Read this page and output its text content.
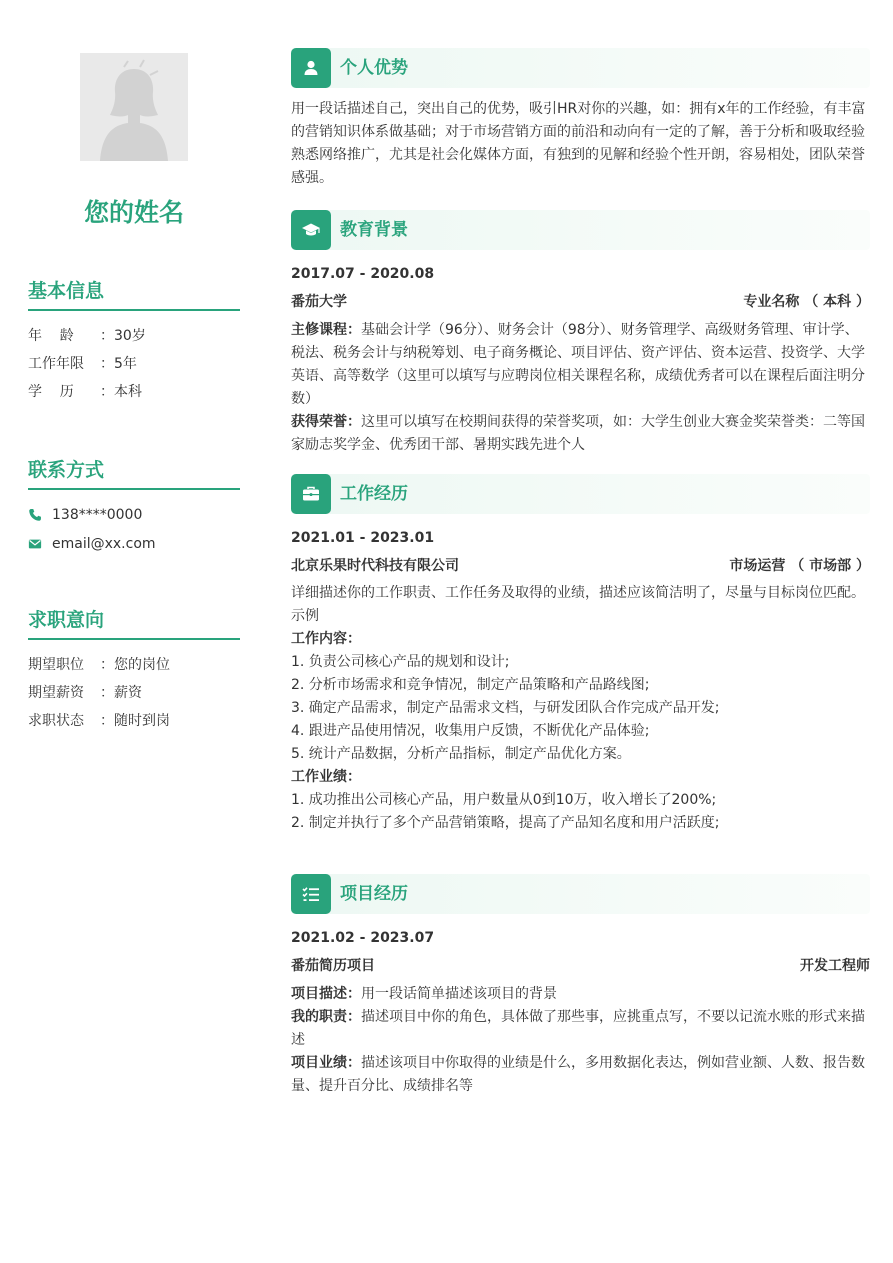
您的姓名
基本信息
年    龄	： 30岁
工作年限	： 5年
学    历	： 本科
联系方式
138****0000
email@xx.com
求职意向
期望职位	： 您的岗位
期望薪资	： 薪资
求职状态	： 随时到岗
个人优势
用一段话描述自己，突出自己的优势，吸引HR对你的兴趣，如：拥有x年的工作经验，有丰富的营销知识体系做基础；对于市场营销方面的前沿和动向有一定的了解，善于分析和吸取经验熟悉网络推广，尤其是社会化媒体方面，有独到的见解和经验个性开朗，容易相处，团队荣誉感强。
教育背景
2017.07 - 2020.08
番茄大学	专业名称 （ 本科 ）
主修课程：基础会计学（96分）、财务会计（98分）、财务管理学、高级财务管理、审计学、税法、税务会计与纳税筹划、电子商务概论、项目评估、资产评估、资本运营、投资学、大学英语、高等数学（这里可以填写与应聘岗位相关课程名称，成绩优秀者可以在课程后面注明分数）
获得荣誉：这里可以填写在校期间获得的荣誉奖项，如：大学生创业大赛金奖荣誉类：二等国家励志奖学金、优秀团干部、暑期实践先进个人
工作经历
2021.01 - 2023.01
北京乐果时代科技有限公司	市场运营 （ 市场部 ）
详细描述你的工作职责、工作任务及取得的业绩，描述应该简洁明了，尽量与目标岗位匹配。
示例
工作内容：
1. 负责公司核心产品的规划和设计;
2. 分析市场需求和竞争情况，制定产品策略和产品路线图;
3. 确定产品需求，制定产品需求文档，与研发团队合作完成产品开发;
4. 跟进产品使用情况，收集用户反馈，不断优化产品体验;
5. 统计产品数据，分析产品指标，制定产品优化方案。
工作业绩：
1. 成功推出公司核心产品，用户数量从0到10万，收入增长了200%;
2. 制定并执行了多个产品营销策略，提高了产品知名度和用户活跃度;
项目经历
2021.02 - 2023.07
番茄简历项目	开发工程师
项目描述：用一段话简单描述该项目的背景
我的职责：描述项目中你的角色，具体做了那些事，应挑重点写，不要以记流水账的形式来描述
项目业绩：描述该项目中你取得的业绩是什么，多用数据化表达，例如营业额、人数、报告数量、提升百分比、成绩排名等
